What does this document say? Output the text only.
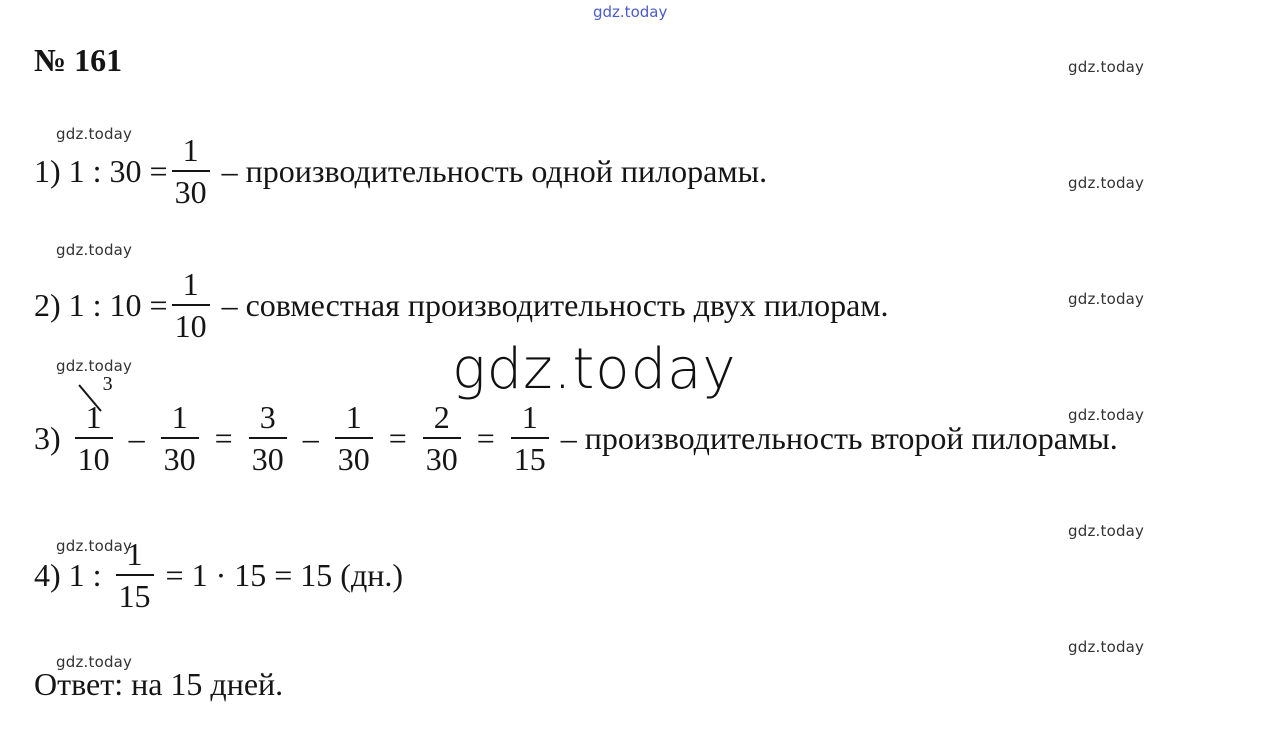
gdz.today
gdz.today
gdz.today
gdz.today
gdz.today
gdz.today
gdz.today
gdz.today
gdz.today
gdz.today
gdz.today
gdz.today
gdz.today
№ 161
1) 1 : $30 = \frac{1}{30}$ – производительность одной пилорамы.
2) 1 : $10 = \frac{1}{10}$ – совместная производительность двух пилорам.
3)
3
1
10
– $\frac{1}{30} = \frac{3}{30} - \frac{1}{30} = \frac{2}{30} = \frac{1}{15}$ – производительность второй пилорамы.
4) 1 : $\frac{1}{15} = 1 \cdot 15 = 15$ (дн.)
Ответ: на 15 дней.
